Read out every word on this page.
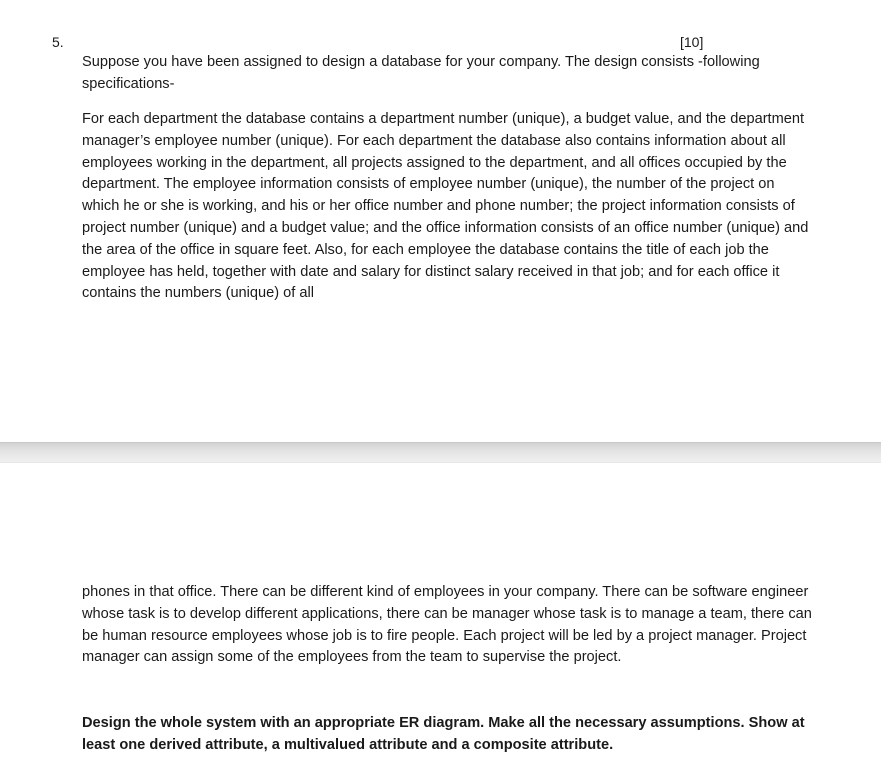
5.	[10]

Suppose you have been assigned to design a database for your company. The design consists -following specifications-

For each department the database contains a department number (unique), a budget value, and the department manager’s employee number (unique). For each department the database also contains information about all employees working in the department, all projects assigned to the department, and all offices occupied by the department. The employee information consists of employee number (unique), the number of the project on which he or she is working, and his or her office number and phone number; the project information consists of project number (unique) and a budget value; and the office information consists of an office number (unique) and the area of the office in square feet. Also, for each employee the database contains the title of each job the employee has held, together with date and salary for distinct salary received in that job; and for each office it contains the numbers (unique) of all

phones in that office. There can be different kind of employees in your company. There can be software engineer whose task is to develop different applications, there can be manager whose task is to manage a team, there can be human resource employees whose job is to fire people. Each project will be led by a project manager. Project manager can assign some of the employees from the team to supervise the project.

Design the whole system with an appropriate ER diagram. Make all the necessary assumptions. Show at least one derived attribute, a multivalued attribute and a composite attribute.
